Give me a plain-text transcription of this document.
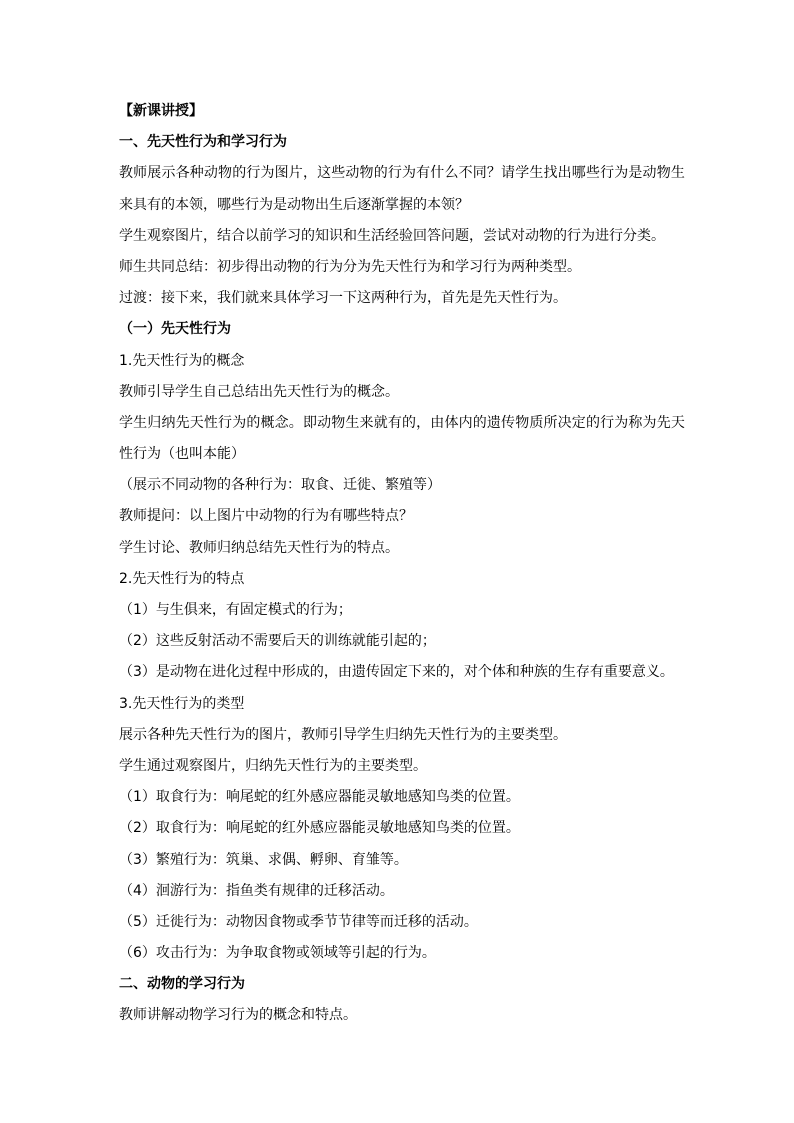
【新课讲授】

一、先天性行为和学习行为

教师展示各种动物的行为图片，这些动物的行为有什么不同？请学生找出哪些行为是动物生

来具有的本领，哪些行为是动物出生后逐渐掌握的本领？

学生观察图片，结合以前学习的知识和生活经验回答问题，尝试对动物的行为进行分类。

师生共同总结：初步得出动物的行为分为先天性行为和学习行为两种类型。

过渡：接下来，我们就来具体学习一下这两种行为，首先是先天性行为。

（一）先天性行为

1.先天性行为的概念

教师引导学生自己总结出先天性行为的概念。

学生归纳先天性行为的概念。即动物生来就有的，由体内的遗传物质所决定的行为称为先天

性行为（也叫本能）

（展示不同动物的各种行为：取食、迁徙、繁殖等）

教师提问：以上图片中动物的行为有哪些特点？

学生讨论、教师归纳总结先天性行为的特点。

2.先天性行为的特点

（1）与生俱来，有固定模式的行为；

（2）这些反射活动不需要后天的训练就能引起的；

（3）是动物在进化过程中形成的，由遗传固定下来的，对个体和种族的生存有重要意义。

3.先天性行为的类型

展示各种先天性行为的图片，教师引导学生归纳先天性行为的主要类型。

学生通过观察图片，归纳先天性行为的主要类型。

（1）取食行为：响尾蛇的红外感应器能灵敏地感知鸟类的位置。

（2）取食行为：响尾蛇的红外感应器能灵敏地感知鸟类的位置。

（3）繁殖行为：筑巢、求偶、孵卵、育雏等。

（4）洄游行为：指鱼类有规律的迁移活动。

（5）迁徙行为：动物因食物或季节节律等而迁移的活动。

（6）攻击行为：为争取食物或领域等引起的行为。

二、动物的学习行为

教师讲解动物学习行为的概念和特点。
